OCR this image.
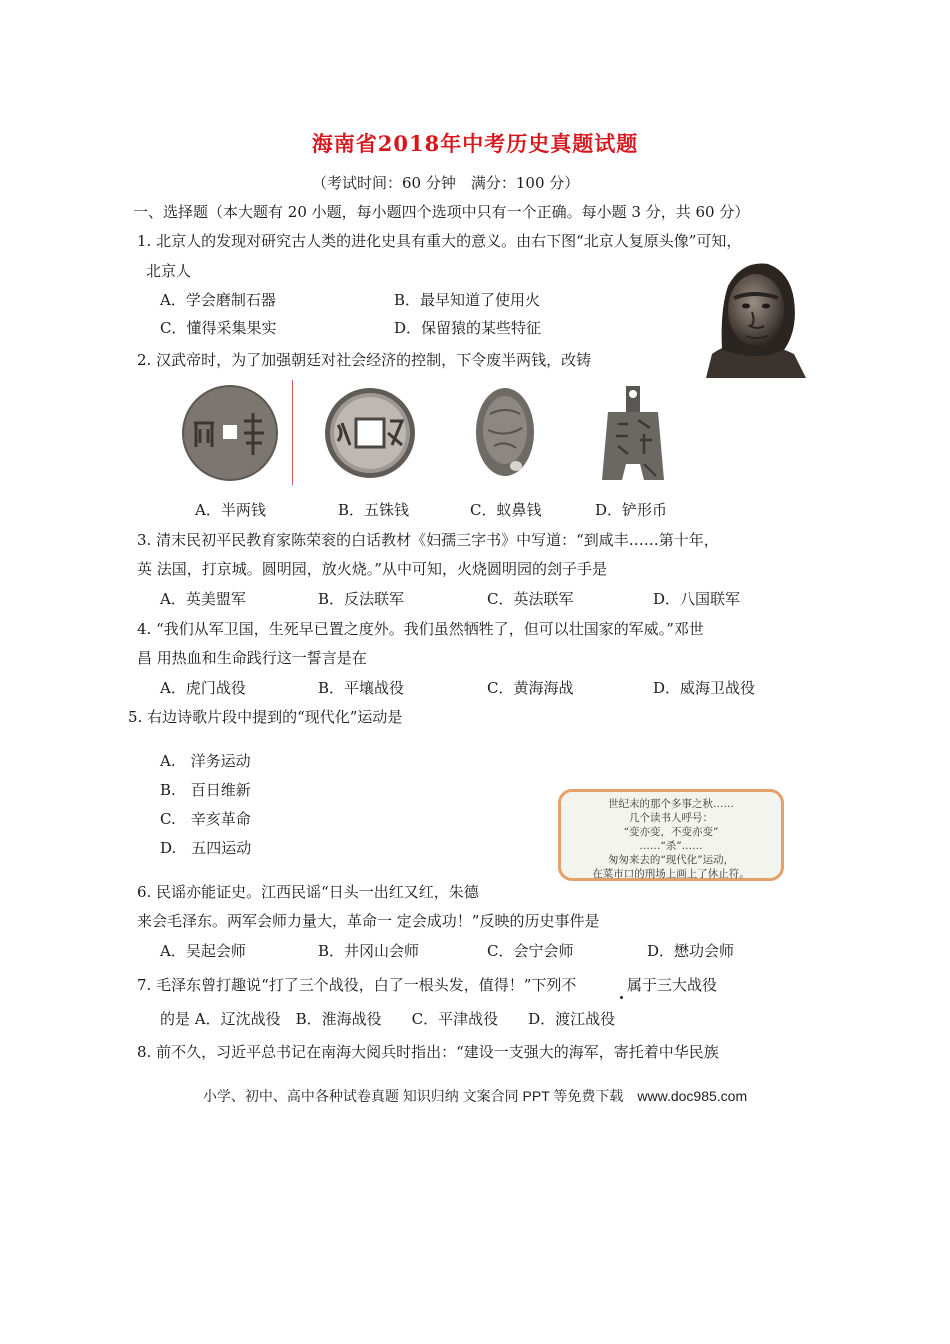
海南省2018年中考历史真题试题
（考试时间：60 分钟　满分：100 分）
一、选择题（本大题有 20 小题，每小题四个选项中只有一个正确。每小题 3 分，共 60 分）
1. 北京人的发现对研究古人类的进化史具有重大的意义。由右下图“北京人复原头像”可知，
北京人
A．学会磨制石器	B．最早知道了使用火
C．懂得采集果实	D．保留猿的某些特征
2. 汉武帝时，为了加强朝廷对社会经济的控制，下令废半两钱，改铸
A．半两钱	B．五铢钱	C．蚁鼻钱	D．铲形币
3. 清末民初平民教育家陈荣衮的白话教材《妇孺三字书》中写道：“到咸丰……第十年，
英 法国，打京城。圆明园，放火烧。”从中可知，火烧圆明园的刽子手是
A．英美盟军	B．反法联军	C．英法联军	D．八国联军
4. “我们从军卫国，生死早已置之度外。我们虽然牺牲了，但可以壮国家的军威。”邓世
昌 用热血和生命践行这一誓言是在
A．虎门战役	B．平壤战役	C．黄海海战	D．威海卫战役
5. 右边诗歌片段中提到的“现代化”运动是
A.　洋务运动
B.　百日维新
C.　辛亥革命
D.　五四运动
世纪末的那个多事之秋……
几个读书人呼号：
“变亦变，不变亦变”
……“杀”……
匆匆来去的“现代化”运动，
在菜市口的刑场上画上了休止符。
6. 民谣亦能证史。江西民谣“日头一出红又红，朱德
来会毛泽东。两军会师力量大，革命一 定会成功！”反映的历史事件是
A．吴起会师	B．井冈山会师	C．会宁会师	D．懋功会师
7. 毛泽东曾打趣说“打了三个战役，白了一根头发，值得！”下列不	属于三大战役
的是 A．辽沈战役　B．淮海战役　　C．平津战役　　D．渡江战役
8. 前不久，习近平总书记在南海大阅兵时指出：“建设一支强大的海军，寄托着中华民族
小学、初中、高中各种试卷真题 知识归纳 文案合同 PPT 等免费下载　www.doc985.com
